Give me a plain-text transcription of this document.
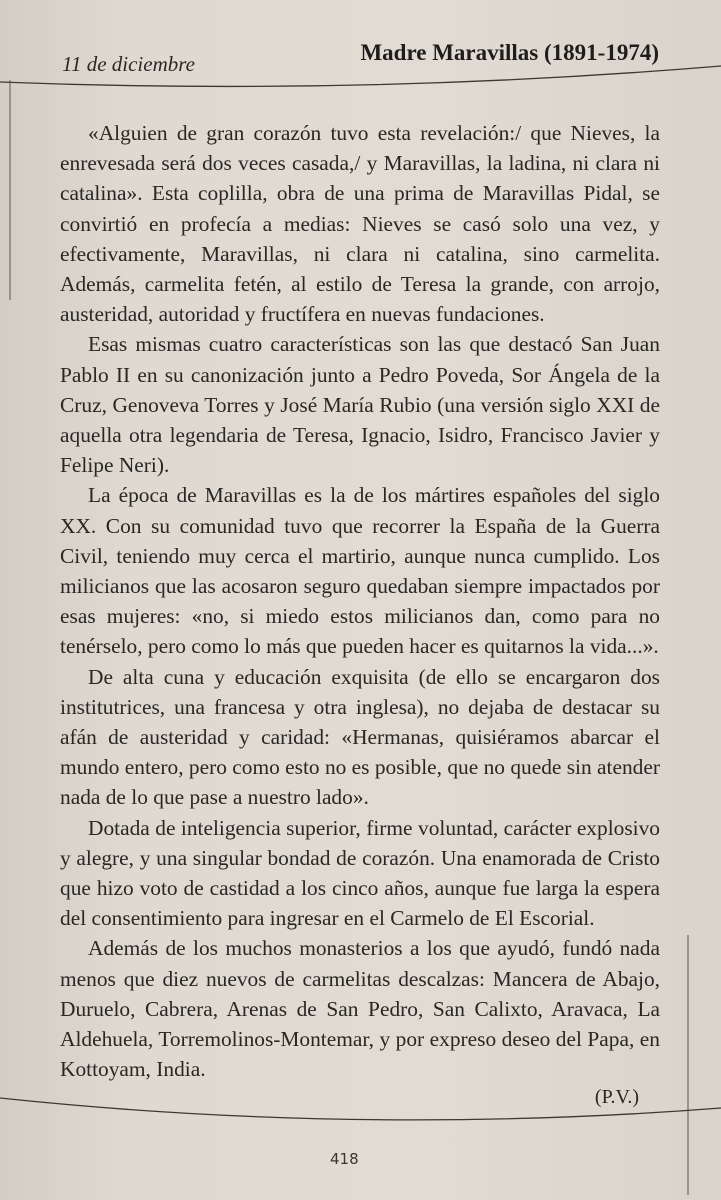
11 de diciembre	Madre Maravillas (1891-1974)

«Alguien de gran corazón tuvo esta revelación:/ que Nieves, la enrevesada será dos veces casada,/ y Maravillas, la ladina, ni clara ni catalina». Esta coplilla, obra de una prima de Maravillas Pidal, se convirtió en profecía a medias: Nieves se casó solo una vez, y efectivamente, Maravillas, ni clara ni catalina, sino carmelita. Además, carmelita fetén, al estilo de Teresa la grande, con arrojo, austeridad, autoridad y fructífera en nuevas fundaciones.

Esas mismas cuatro características son las que destacó San Juan Pablo II en su canonización junto a Pedro Poveda, Sor Ángela de la Cruz, Genoveva Torres y José María Rubio (una versión siglo XXI de aquella otra legendaria de Teresa, Ignacio, Isidro, Francisco Javier y Felipe Neri).

La época de Maravillas es la de los mártires españoles del siglo XX. Con su comunidad tuvo que recorrer la España de la Guerra Civil, teniendo muy cerca el martirio, aunque nunca cumplido. Los milicianos que las acosaron seguro quedaban siempre impactados por esas mujeres: «no, si miedo estos milicianos dan, como para no tenérselo, pero como lo más que pueden hacer es quitarnos la vida...».

De alta cuna y educación exquisita (de ello se encargaron dos institutrices, una francesa y otra inglesa), no dejaba de destacar su afán de austeridad y caridad: «Hermanas, quisiéramos abarcar el mundo entero, pero como esto no es posible, que no quede sin atender nada de lo que pase a nuestro lado».

Dotada de inteligencia superior, firme voluntad, carácter explosivo y alegre, y una singular bondad de corazón. Una enamorada de Cristo que hizo voto de castidad a los cinco años, aunque fue larga la espera del consentimiento para ingresar en el Carmelo de El Escorial.

Además de los muchos monasterios a los que ayudó, fundó nada menos que diez nuevos de carmelitas descalzas: Mancera de Abajo, Duruelo, Cabrera, Arenas de San Pedro, San Calixto, Aravaca, La Aldehuela, Torremolinos-Montemar, y por expreso deseo del Papa, en Kottoyam, India.

(P.V.)
418
